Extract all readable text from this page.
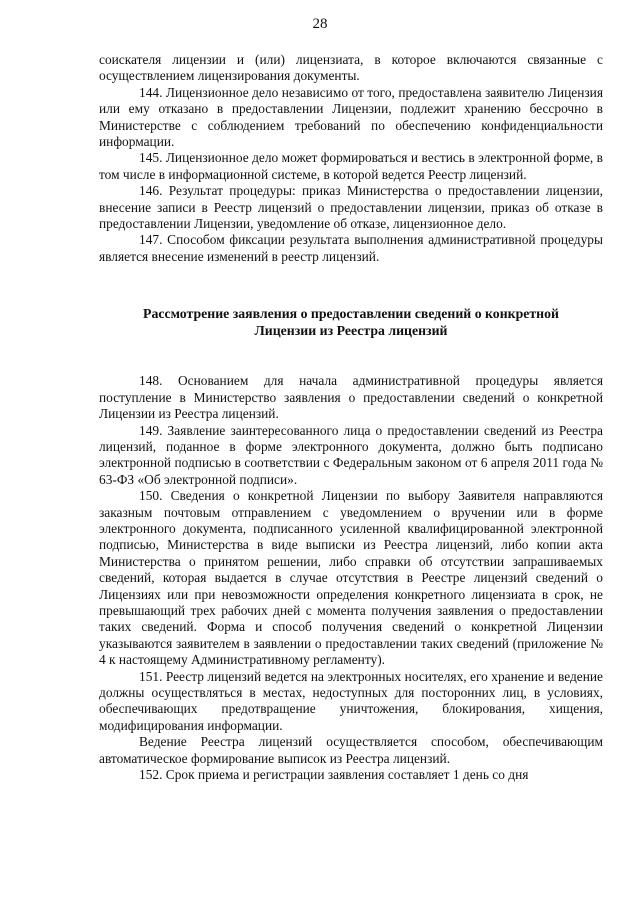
28

соискателя лицензии и (или) лицензиата, в которое включаются связанные с осуществлением лицензирования документы.

144. Лицензионное дело независимо от того, предоставлена заявителю Лицензия или ему отказано в предоставлении Лицензии, подлежит хранению бессрочно в Министерстве с соблюдением требований по обеспечению конфиденциальности информации.

145. Лицензионное дело может формироваться и вестись в электронной форме, в том числе в информационной системе, в которой ведется Реестр лицензий.

146. Результат процедуры: приказ Министерства о предоставлении лицензии, внесение записи в Реестр лицензий о предоставлении лицензии, приказ об отказе в предоставлении Лицензии, уведомление об отказе, лицензионное дело.

147. Способом фиксации результата выполнения административной процедуры является внесение изменений в реестр лицензий.

Рассмотрение заявления о предоставлении сведений о конкретной
Лицензии из Реестра лицензий

148. Основанием для начала административной процедуры является поступление в Министерство заявления о предоставлении сведений о конкретной Лицензии из Реестра лицензий.

149. Заявление заинтересованного лица о предоставлении сведений из Реестра лицензий, поданное в форме электронного документа, должно быть подписано электронной подписью в соответствии с Федеральным законом от 6 апреля 2011 года № 63-ФЗ «Об электронной подписи».

150. Сведения о конкретной Лицензии по выбору Заявителя направляются заказным почтовым отправлением с уведомлением о вручении или в форме электронного документа, подписанного усиленной квалифицированной электронной подписью, Министерства в виде выписки из Реестра лицензий, либо копии акта Министерства о принятом решении, либо справки об отсутствии запрашиваемых сведений, которая выдается в случае отсутствия в Реестре лицензий сведений о Лицензиях или при невозможности определения конкретного лицензиата в срок, не превышающий трех рабочих дней с момента получения заявления о предоставлении таких сведений. Форма и способ получения сведений о конкретной Лицензии указываются заявителем в заявлении о предоставлении таких сведений (приложение № 4 к настоящему Административному регламенту).

151. Реестр лицензий ведется на электронных носителях, его хранение и ведение должны осуществляться в местах, недоступных для посторонних лиц, в условиях, обеспечивающих предотвращение уничтожения, блокирования, хищения, модифицирования информации.

Ведение Реестра лицензий осуществляется способом, обеспечивающим автоматическое формирование выписок из Реестра лицензий.

152. Срок приема и регистрации заявления составляет 1 день со дня
